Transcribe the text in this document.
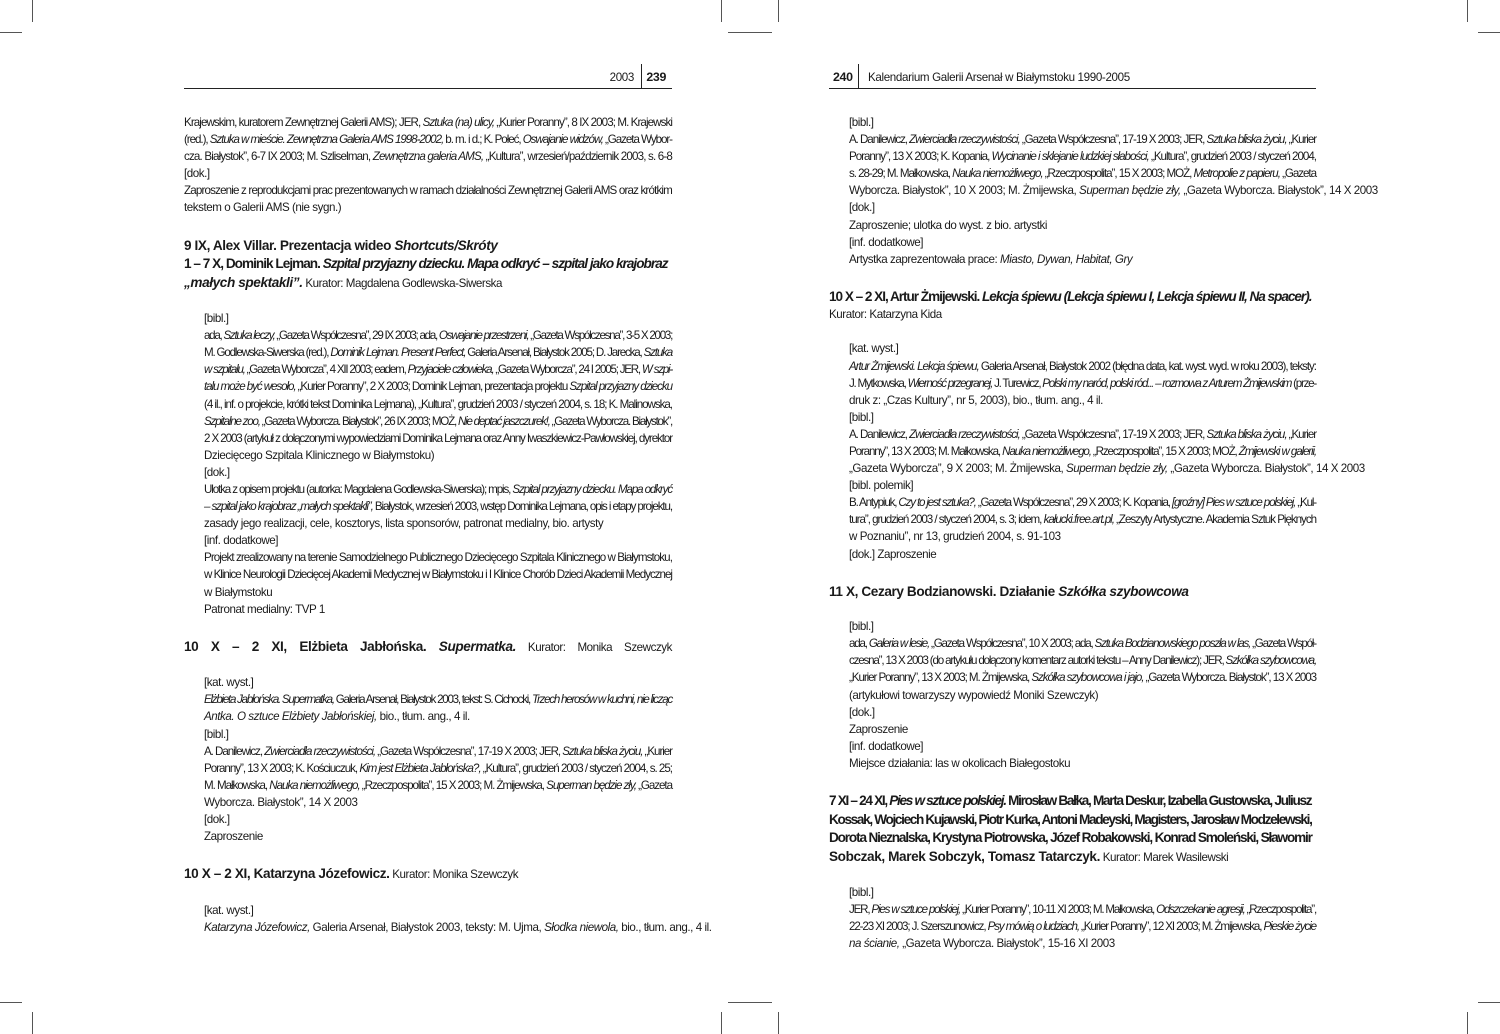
2003 239
Krajewskim, kuratorem Zewnętrznej Galerii AMS); JER, Sztuka (na) ulicy, „Kurier Poranny”, 8 IX 2003; M. Krajewski
(red.), Sztuka w mieście. Zewnętrzna Galeria AMS 1998-2002, b. m. i d.; K. Połeć, Oswajanie widzów, „Gazeta Wybor-
cza. Białystok”, 6-7 IX 2003; M. Szliselman, Zewnętrzna galeria AMS, „Kultura”, wrzesień/październik 2003, s. 6-8
[dok.]
Zaproszenie z reprodukcjami prac prezentowanych w ramach działalności Zewnętrznej Galerii AMS oraz krótkim
tekstem o Galerii AMS (nie sygn.)
9 IX, Alex Villar. Prezentacja wideo Shortcuts/Skróty
1 – 7 X, Dominik Lejman. Szpital przyjazny dziecku. Mapa odkryć – szpital jako krajobraz
„małych spektakli”. Kurator: Magdalena Godlewska-Siwerska
[bibl.]
ada, Sztuka leczy, „Gazeta Współczesna”, 29 IX 2003; ada, Oswajanie przestrzeni, „Gazeta Współczesna”, 3-5 X 2003;
M. Godlewska-Siwerska (red.), Dominik Lejman. Present Perfect, Galeria Arsenał, Białystok 2005; D. Jarecka, Sztuka
w szpitalu, „Gazeta Wyborcza”, 4 XII 2003; eadem, Przyjaciele człowieka, „Gazeta Wyborcza”, 24 I 2005; JER, W szpi-
talu może być wesoło, „Kurier Poranny”, 2 X 2003; Dominik Lejman, prezentacja projektu Szpital przyjazny dziecku
(4 il., inf. o projekcie, krótki tekst Dominika Lejmana), „Kultura”, grudzień 2003 / styczeń 2004, s. 18; K. Malinowska,
Szpitalne zoo, „Gazeta Wyborcza. Białystok”, 26 IX 2003; MOŻ, Nie deptać jaszczurek!, „Gazeta Wyborcza. Białystok”,
2 X 2003 (artykuł z dołączonymi wypowiedziami Dominika Lejmana oraz Anny Iwaszkiewicz-Pawłowskiej, dyrektor
Dziecięcego Szpitala Klinicznego w Białymstoku)
[dok.]
Ulotka z opisem projektu (autorka: Magdalena Godlewska-Siwerska); mpis, Szpital przyjazny dziecku. Mapa odkryć
– szpital jako krajobraz „małych spektakli”, Białystok, wrzesień 2003, wstęp Dominika Lejmana, opis i etapy projektu,
zasady jego realizacji, cele, kosztorys, lista sponsorów, patronat medialny, bio. artysty
[inf. dodatkowe]
Projekt zrealizowany na terenie Samodzielnego Publicznego Dziecięcego Szpitala Klinicznego w Białymstoku,
w Klinice Neurologii Dziecięcej Akademii Medycznej w Białymstoku i I Klinice Chorób Dzieci Akademii Medycznej
w Białymstoku
Patronat medialny: TVP 1
10 X – 2 XI, Elżbieta Jabłońska. Supermatka. Kurator: Monika Szewczyk
[kat. wyst.]
Elżbieta Jabłońska. Supermatka, Galeria Arsenał, Białystok 2003, tekst: S. Cichocki, Trzech herosów w kuchni, nie licząc
Antka. O sztuce Elżbiety Jabłońskiej, bio., tłum. ang., 4 il.
[bibl.]
A. Danilewicz, Zwierciadła rzeczywistości, „Gazeta Współczesna”, 17-19 X 2003; JER, Sztuka bliska życiu, „Kurier
Poranny”, 13 X 2003; K. Kościuczuk, Kim jest Elżbieta Jabłońska?, „Kultura”, grudzień 2003 / styczeń 2004, s. 25;
M. Małkowska, Nauka niemożliwego, „Rzeczpospolita”, 15 X 2003; M. Żmijewska, Superman będzie zły, „Gazeta
Wyborcza. Białystok”, 14 X 2003
[dok.]
Zaproszenie
10 X – 2 XI, Katarzyna Józefowicz. Kurator: Monika Szewczyk
[kat. wyst.]
Katarzyna Józefowicz, Galeria Arsenał, Białystok 2003, teksty: M. Ujma, Słodka niewola, bio., tłum. ang., 4 il.
240 Kalendarium Galerii Arsenał w Białymstoku 1990-2005
[bibl.]
A. Danilewicz, Zwierciadła rzeczywistości, „Gazeta Współczesna”, 17-19 X 2003; JER, Sztuka bliska życiu, „Kurier
Poranny”, 13 X 2003; K. Kopania, Wycinanie i sklejanie ludzkiej słabości, „Kultura”, grudzień 2003 / styczeń 2004,
s. 28-29; M. Małkowska, Nauka niemożliwego, „Rzeczpospolita”, 15 X 2003; MOŻ, Metropolie z papieru, „Gazeta
Wyborcza. Białystok”, 10 X 2003; M. Żmijewska, Superman będzie zły, „Gazeta Wyborcza. Białystok”, 14 X 2003
[dok.]
Zaproszenie; ulotka do wyst. z bio. artystki
[inf. dodatkowe]
Artystka zaprezentowała prace: Miasto, Dywan, Habitat, Gry
10 X – 2 XI, Artur Żmijewski. Lekcja śpiewu (Lekcja śpiewu I, Lekcja śpiewu II, Na spacer).
Kurator: Katarzyna Kida
[kat. wyst.]
Artur Żmijewski. Lekcja śpiewu, Galeria Arsenał, Białystok 2002 (błędna data, kat. wyst. wyd. w roku 2003), teksty:
J. Mytkowska, Wierność przegranej, J. Turewicz, Polski my naród, polski ród... – rozmowa z Arturem Żmijewskim (prze-
druk z: „Czas Kultury”, nr 5, 2003), bio., tłum. ang., 4 il.
[bibl.]
A. Danilewicz, Zwierciadła rzeczywistości, „Gazeta Współczesna”, 17-19 X 2003; JER, Sztuka bliska życiu, „Kurier
Poranny”, 13 X 2003; M. Małkowska, Nauka niemożliwego, „Rzeczpospolita”, 15 X 2003; MOŻ, Żmijewski w galerii,
„Gazeta Wyborcza”, 9 X 2003; M. Żmijewska, Superman będzie zły, „Gazeta Wyborcza. Białystok”, 14 X 2003
[bibl. polemik]
B. Antypiuk, Czy to jest sztuka?, „Gazeta Współczesna”, 29 X 2003; K. Kopania, [groźny] Pies w sztuce polskiej, „Kul-
tura”, grudzień 2003 / styczeń 2004, s. 3; idem, kałucki.free.art.pl, „Zeszyty Artystyczne. Akademia Sztuk Pięknych
w Poznaniu”, nr 13, grudzień 2004, s. 91-103
[dok.] Zaproszenie
11 X, Cezary Bodzianowski. Działanie Szkółka szybowcowa
[bibl.]
ada, Galeria w lesie, „Gazeta Współczesna”, 10 X 2003; ada, Sztuka Bodzianowskiego poszła w las, „Gazeta Współ-
czesna”, 13 X 2003 (do artykułu dołączony komentarz autorki tekstu – Anny Danilewicz); JER, Szkółka szybowcowa,
„Kurier Poranny”, 13 X 2003; M. Żmijewska, Szkółka szybowcowa i jajo, „Gazeta Wyborcza. Białystok”, 13 X 2003
(artykułowi towarzyszy wypowiedź Moniki Szewczyk)
[dok.]
Zaproszenie
[inf. dodatkowe]
Miejsce działania: las w okolicach Białegostoku
7 XI – 24 XI, Pies w sztuce polskiej. Mirosław Bałka, Marta Deskur, Izabella Gustowska, Juliusz
Kossak, Wojciech Kujawski, Piotr Kurka, Antoni Madeyski, Magisters, Jarosław Modzelewski,
Dorota Nieznalska, Krystyna Piotrowska, Józef Robakowski, Konrad Smoleński, Sławomir
Sobczak, Marek Sobczyk, Tomasz Tatarczyk. Kurator: Marek Wasilewski
[bibl.]
JER, Pies w sztuce polskiej, „Kurier Poranny”, 10-11 XI 2003; M. Małkowska, Odszczekanie agresji, „Rzeczpospolita”,
22-23 XI 2003; J. Szerszunowicz, Psy mówią o ludziach, „Kurier Poranny”, 12 XI 2003; M. Żmijewska, Pieskie życie
na ścianie, „Gazeta Wyborcza. Białystok”, 15-16 XI 2003
